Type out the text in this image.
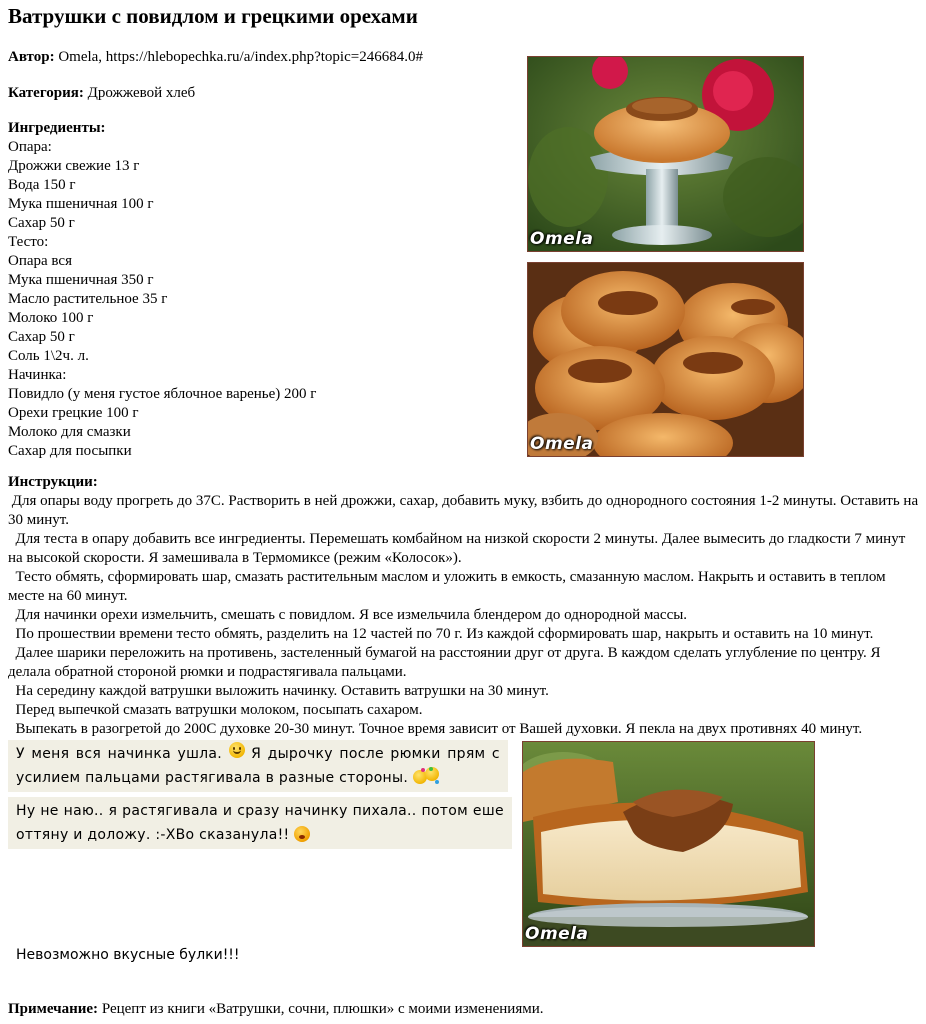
Ватрушки с повидлом и грецкими орехами
Автор: Omela, https://hlebopechka.ru/a/index.php?topic=246684.0#
Категория: Дрожжевой хлеб
Ингредиенты:
Опара:
Дрожжи свежие 13 г
Вода 150 г
Мука пшеничная 100 г
Сахар 50 г
Тесто:
Опара вся
Мука пшеничная 350 г
Масло растительное 35 г
Молоко 100 г
Сахар 50 г
Соль 1\2ч. л.
Начинка:
Повидло (у меня густое яблочное варенье) 200 г
Орехи грецкие 100 г
Молоко для смазки
Сахар для посыпки
Omela
Omela
Инструкции:
Для опары воду прогреть до 37С. Растворить в ней дрожжи, сахар, добавить муку, взбить до однородного состояния 1-2 минуты. Оставить на 30 минут.
Для теста в опару добавить все ингредиенты. Перемешать комбайном на низкой скорости 2 минуты. Далее вымесить до гладкости 7 минут на высокой скорости. Я замешивала в Термомиксе (режим «Колосок»).
Тесто обмять, сформировать шар, смазать растительным маслом и уложить в емкость, смазанную маслом. Накрыть и оставить в теплом месте на 60 минут.
Для начинки орехи измельчить, смешать с повидлом. Я все измельчила блендером до однородной массы.
По прошествии времени тесто обмять, разделить на 12 частей по 70 г. Из каждой сформировать шар, накрыть и оставить на 10 минут.
Далее шарики переложить на противень, застеленный бумагой на расстоянии друг от друга. В каждом сделать углубление по центру. Я делала обратной стороной рюмки и подрастягивала пальцами.
На середину каждой ватрушки выложить начинку. Оставить ватрушки на 30 минут.
Перед выпечкой смазать ватрушки молоком, посыпать сахаром.
Выпекать в разогретой до 200С духовке 20-30 минут. Точное время зависит от Вашей духовки. Я пекла на двух противнях 40 минут.
У меня вся начинка ушла. Я дырочку после рюмки прям с
усилием пальцами растягивала в разные стороны.
Ну не наю.. я растягивала и сразу начинку пихала.. потом еше
оттяну и доложу. :-ХВо сказанула!!
Omela
Невозможно вкусные булки!!!
Примечание: Рецепт из книги «Ватрушки, сочни, плюшки» с моими изменениями.
